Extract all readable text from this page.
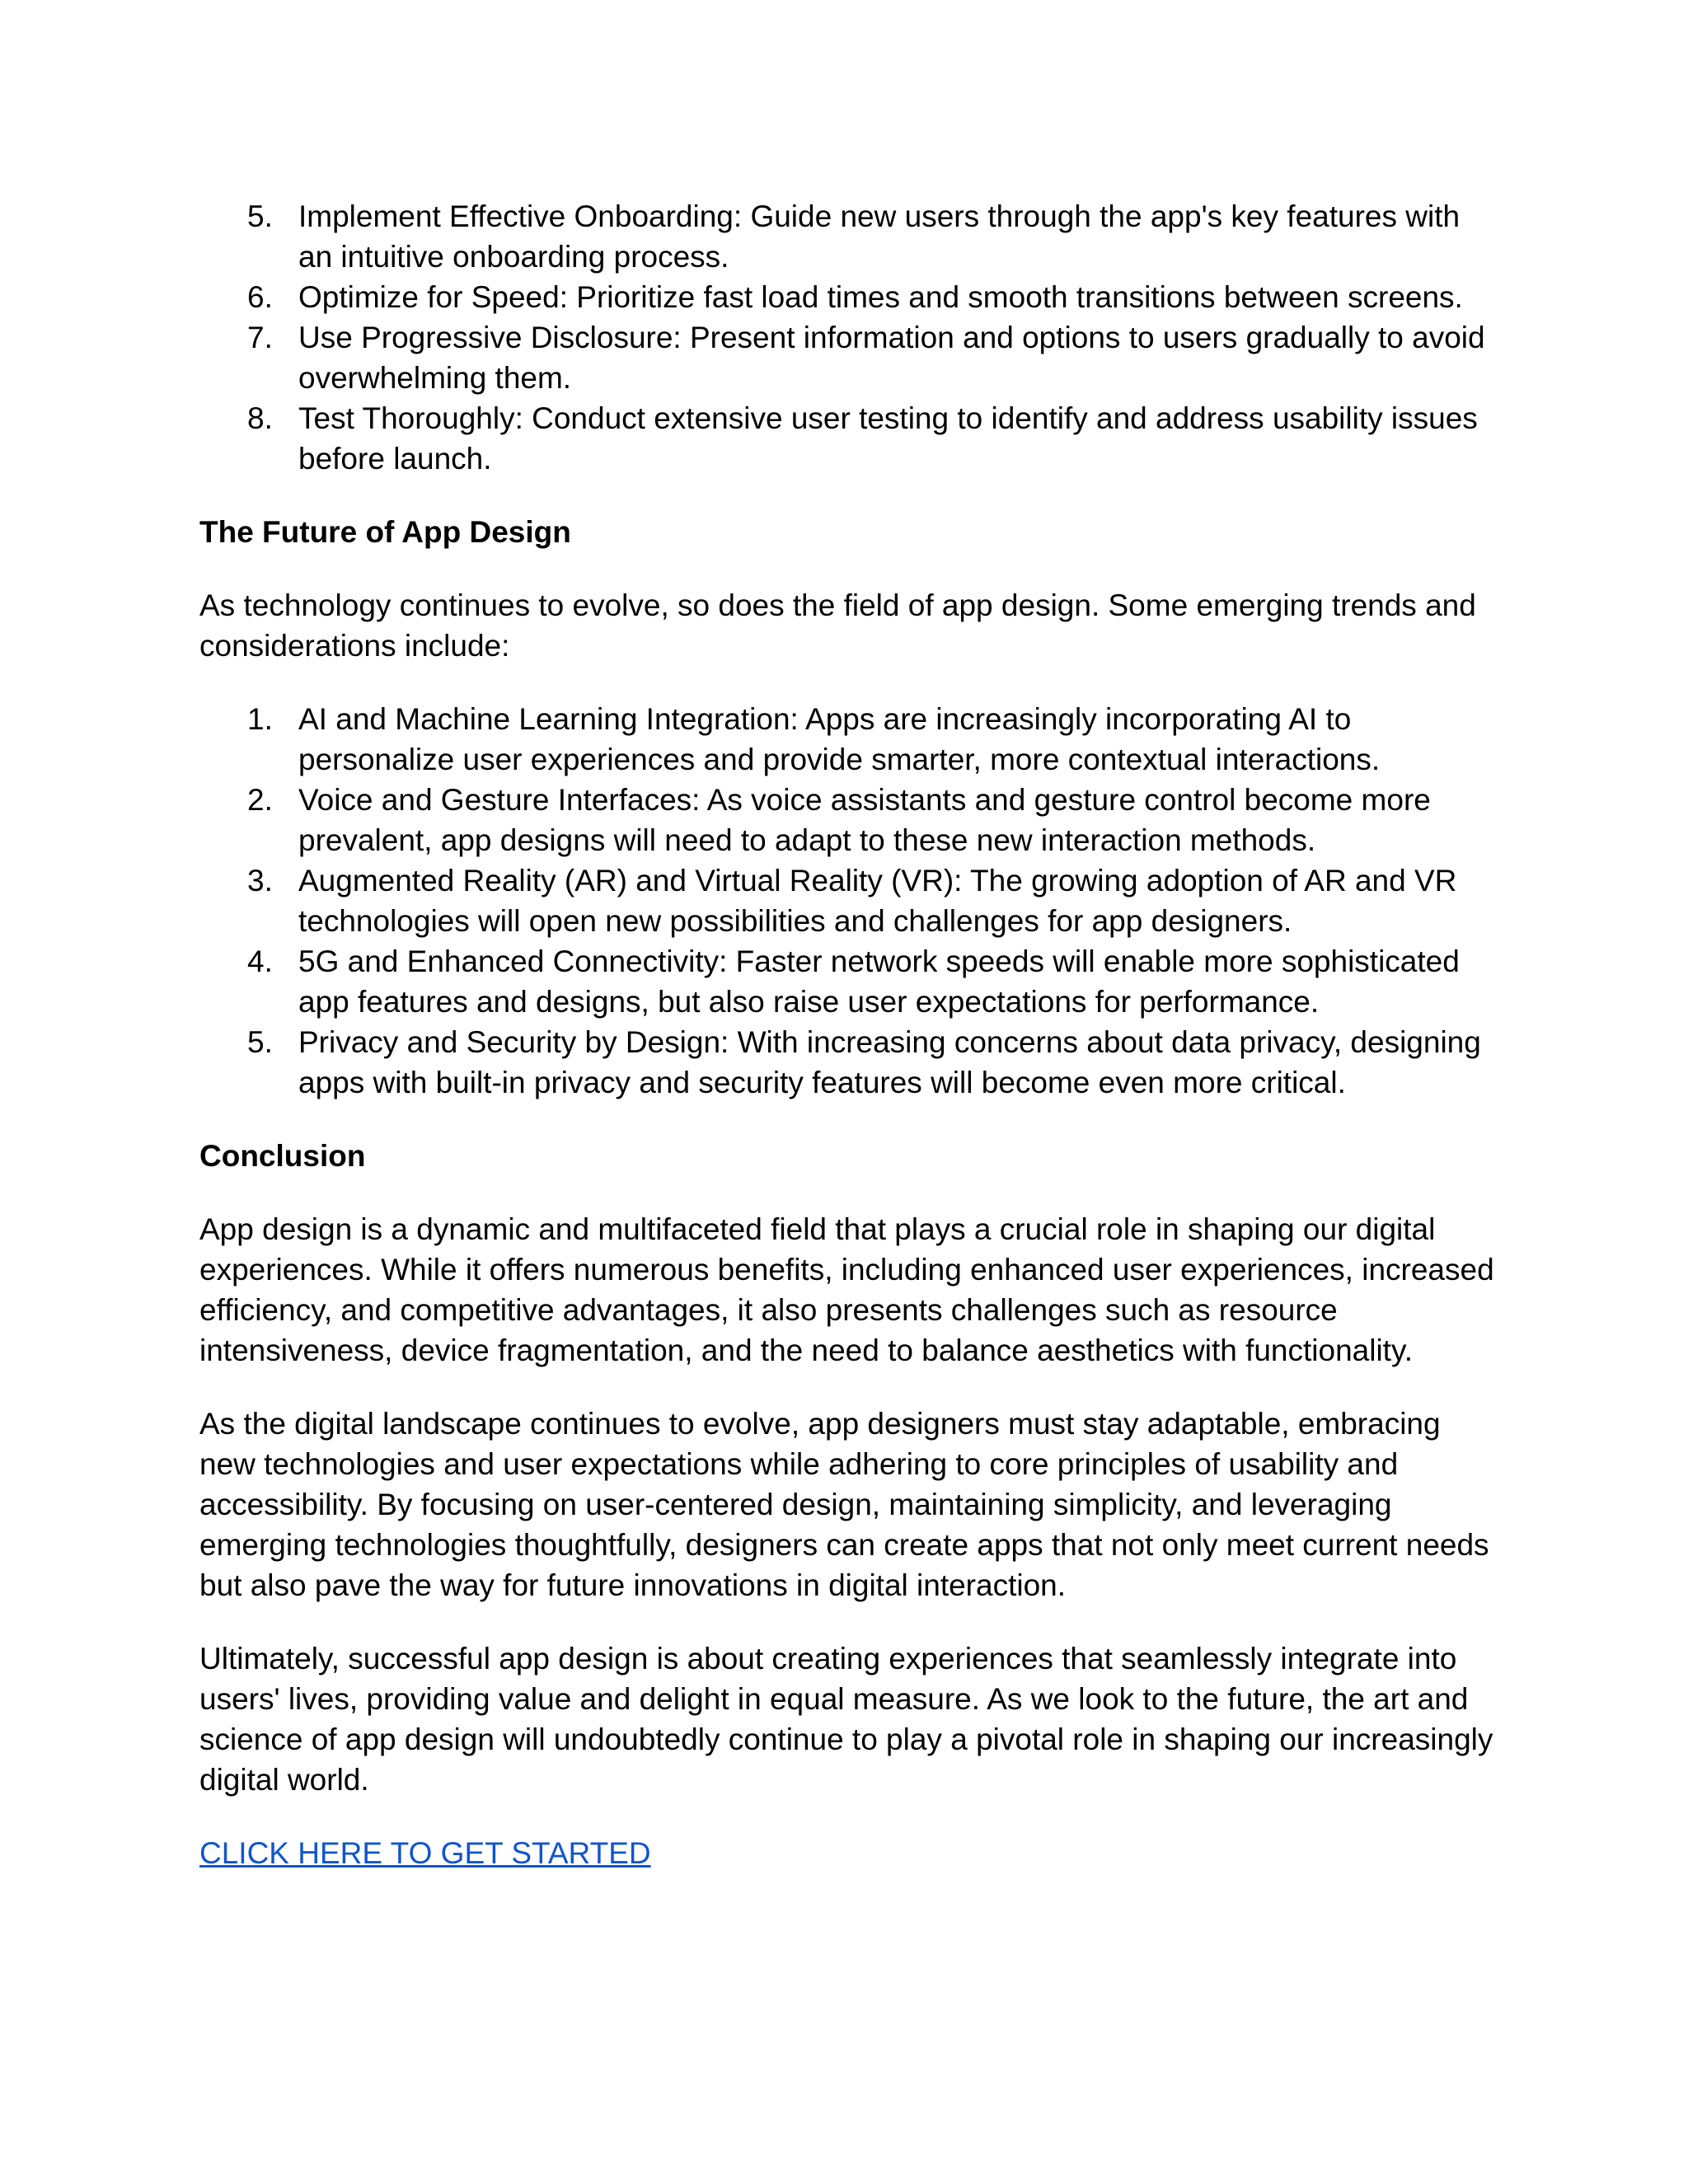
5. Implement Effective Onboarding: Guide new users through the app's key features with an intuitive onboarding process.
6. Optimize for Speed: Prioritize fast load times and smooth transitions between screens.
7. Use Progressive Disclosure: Present information and options to users gradually to avoid overwhelming them.
8. Test Thoroughly: Conduct extensive user testing to identify and address usability issues before launch.
The Future of App Design

As technology continues to evolve, so does the field of app design. Some emerging trends and considerations include:

1. AI and Machine Learning Integration: Apps are increasingly incorporating AI to personalize user experiences and provide smarter, more contextual interactions.
2. Voice and Gesture Interfaces: As voice assistants and gesture control become more prevalent, app designs will need to adapt to these new interaction methods.
3. Augmented Reality (AR) and Virtual Reality (VR): The growing adoption of AR and VR technologies will open new possibilities and challenges for app designers.
4. 5G and Enhanced Connectivity: Faster network speeds will enable more sophisticated app features and designs, but also raise user expectations for performance.
5. Privacy and Security by Design: With increasing concerns about data privacy, designing apps with built-in privacy and security features will become even more critical.
Conclusion

App design is a dynamic and multifaceted field that plays a crucial role in shaping our digital experiences. While it offers numerous benefits, including enhanced user experiences, increased efficiency, and competitive advantages, it also presents challenges such as resource intensiveness, device fragmentation, and the need to balance aesthetics with functionality.

As the digital landscape continues to evolve, app designers must stay adaptable, embracing new technologies and user expectations while adhering to core principles of usability and accessibility. By focusing on user-centered design, maintaining simplicity, and leveraging emerging technologies thoughtfully, designers can create apps that not only meet current needs but also pave the way for future innovations in digital interaction.

Ultimately, successful app design is about creating experiences that seamlessly integrate into users' lives, providing value and delight in equal measure. As we look to the future, the art and science of app design will undoubtedly continue to play a pivotal role in shaping our increasingly digital world.

CLICK HERE TO GET STARTED
